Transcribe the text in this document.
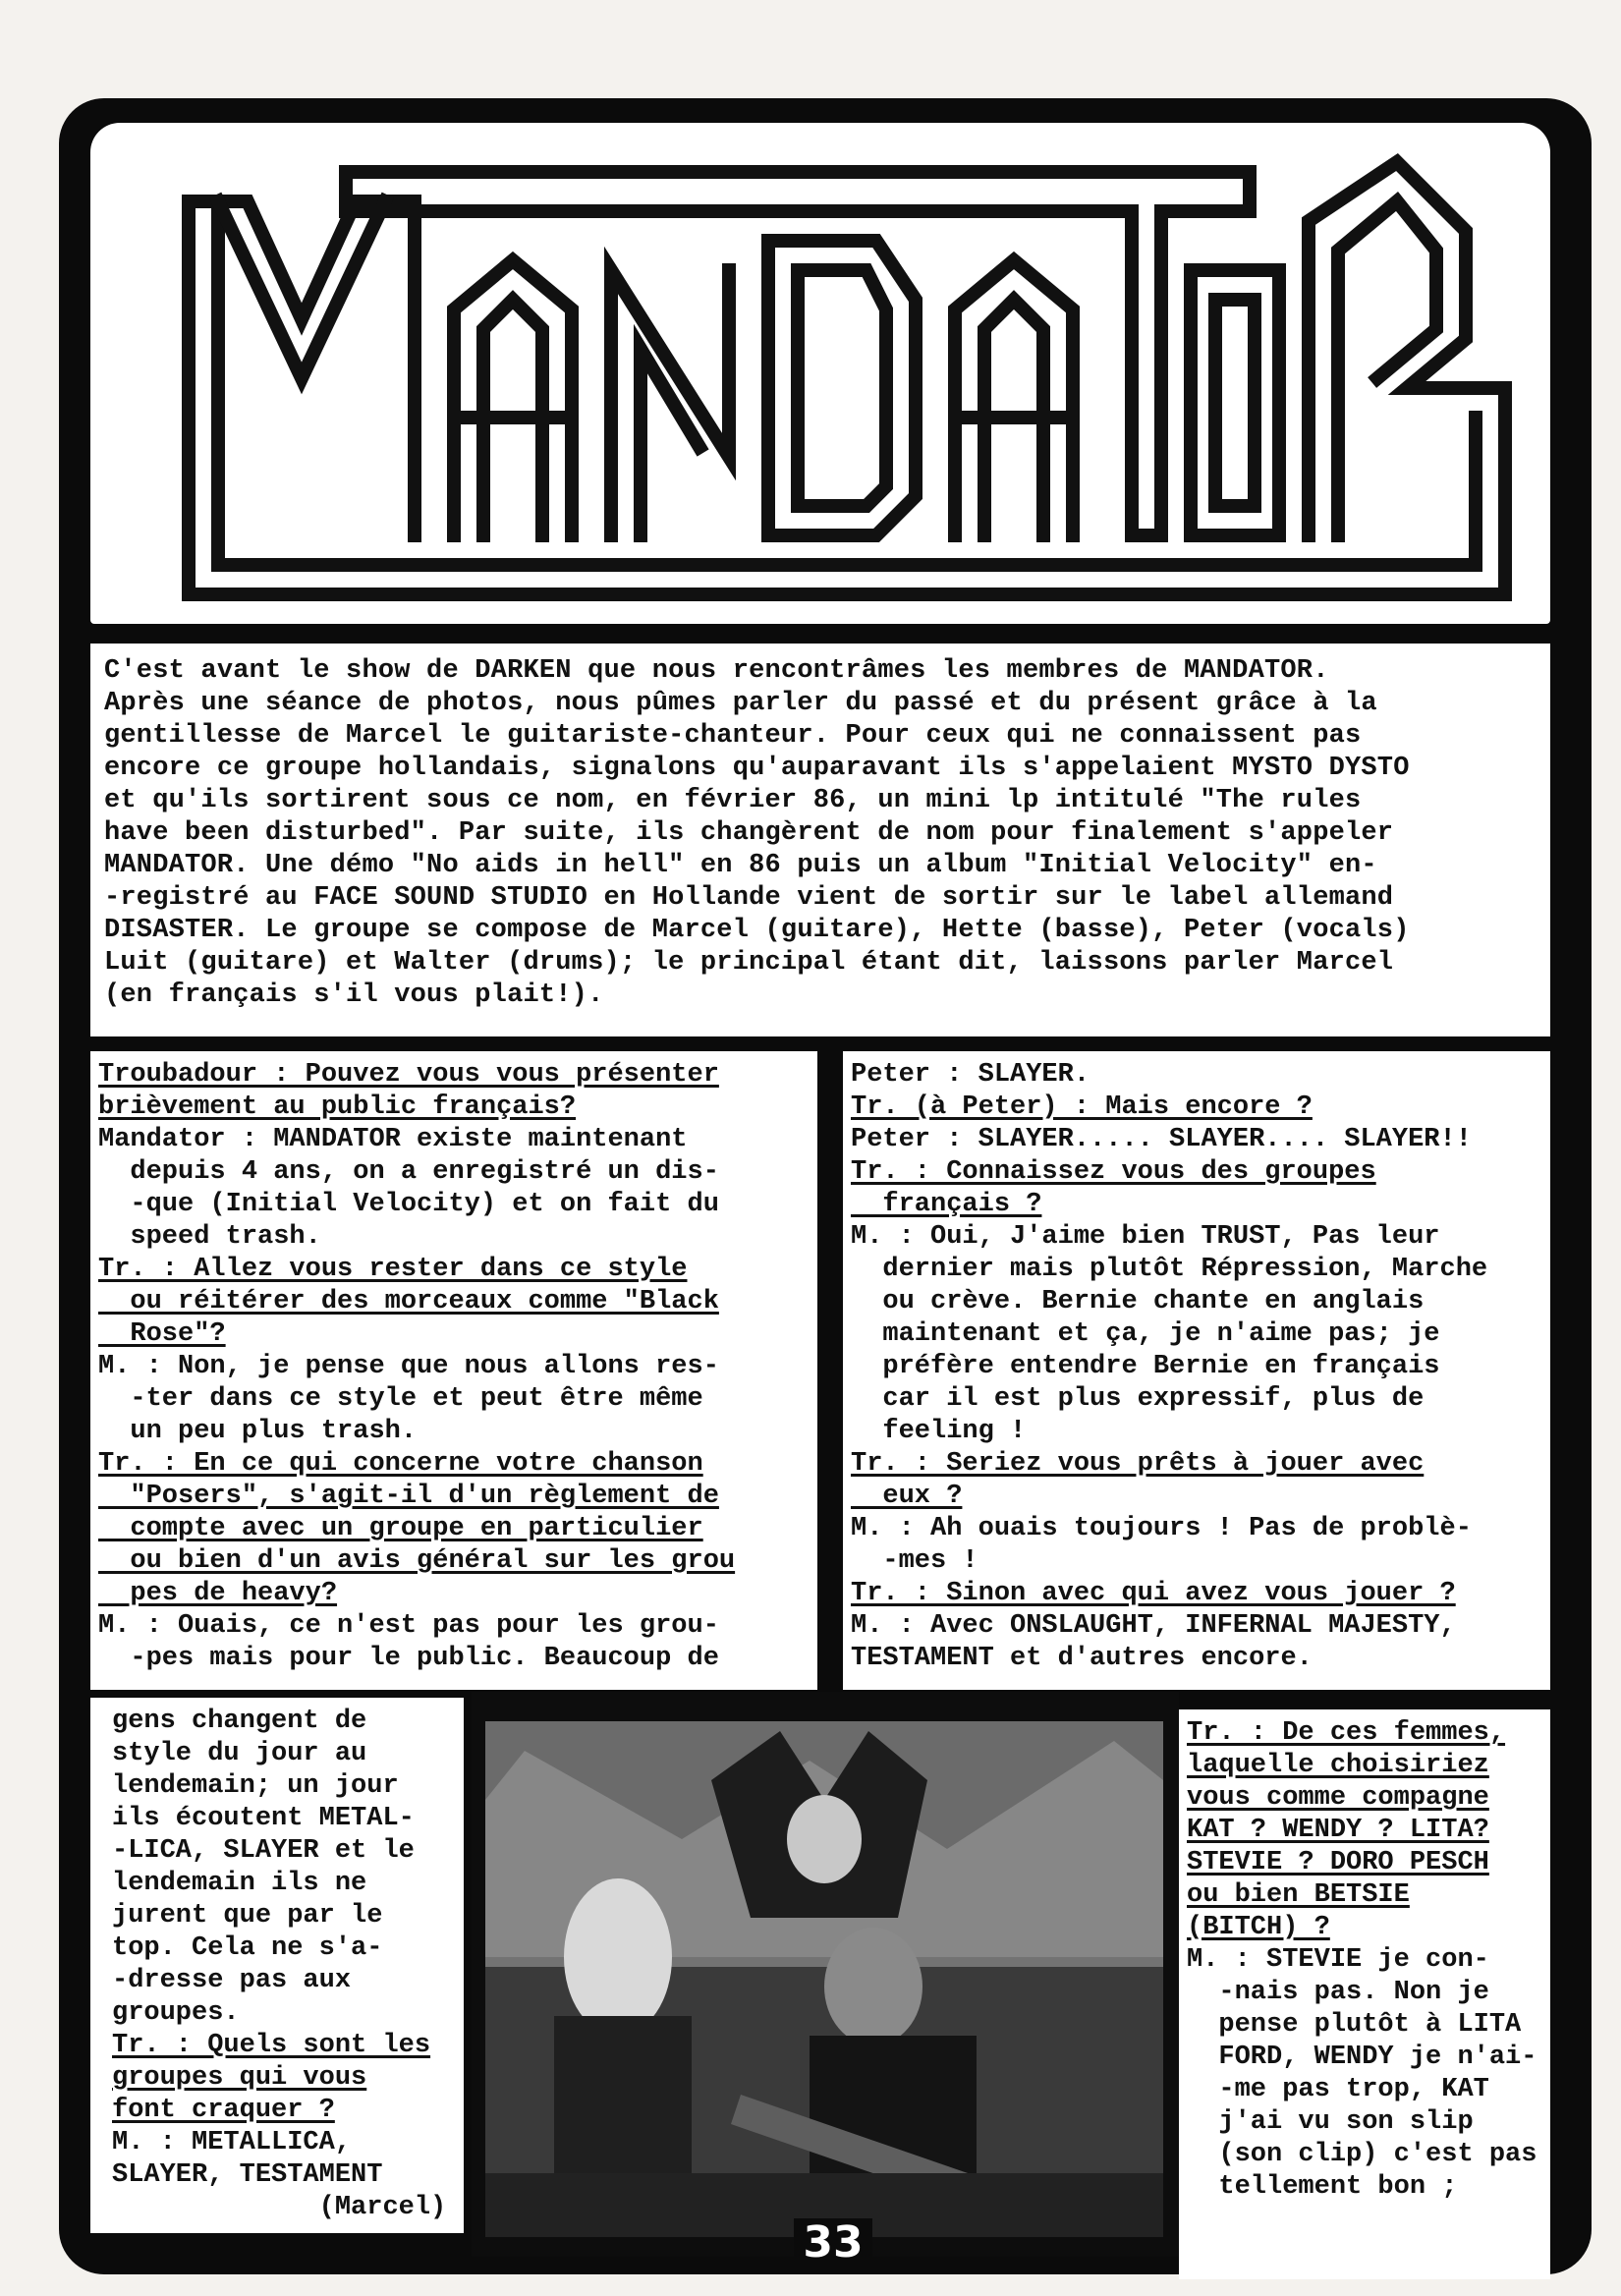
MANDATOR
C'est avant le show de DARKEN que nous rencontrâmes les membres de MANDATOR.
Après une séance de photos, nous pûmes parler du passé et du présent grâce à la
gentillesse de Marcel le guitariste-chanteur. Pour ceux qui ne connaissent pas
encore ce groupe hollandais, signalons qu'auparavant ils s'appelaient MYSTO DYSTO
et qu'ils sortirent sous ce nom, en février 86, un mini lp intitulé "The rules
have been disturbed". Par suite, ils changèrent de nom pour finalement s'appeler
MANDATOR. Une démo "No aids in hell" en 86 puis un album "Initial Velocity" en-
-registré au FACE SOUND STUDIO en Hollande vient de sortir sur le label allemand
DISASTER. Le groupe se compose de Marcel (guitare), Hette (basse), Peter (vocals)
Luit (guitare) et Walter (drums); le principal étant dit, laissons parler Marcel
(en français s'il vous plait!).
Troubadour : Pouvez vous vous présenter
brièvement au public français?
Mandator : MANDATOR existe maintenant
depuis 4 ans, on a enregistré un dis-
-que (Initial Velocity) et on fait du
speed trash.
Tr. : Allez vous rester dans ce style
ou réitérer des morceaux comme "Black
Rose"?
M. : Non, je pense que nous allons res-
-ter dans ce style et peut être même
un peu plus trash.
Tr. : En ce qui concerne votre chanson
"Posers", s'agit-il d'un règlement de
compte avec un groupe en particulier
ou bien d'un avis général sur les grou
pes de heavy?
M. : Ouais, ce n'est pas pour les grou-
-pes mais pour le public. Beaucoup de
Peter : SLAYER.
Tr. (à Peter) : Mais encore ?
Peter : SLAYER..... SLAYER.... SLAYER!!
Tr. : Connaissez vous des groupes
français ?
M. : Oui, J'aime bien TRUST, Pas leur
dernier mais plutôt Répression, Marche
ou crève. Bernie chante en anglais
maintenant et ça, je n'aime pas; je
préfère entendre Bernie en français
car il est plus expressif, plus de
feeling !
Tr. : Seriez vous prêts à jouer avec
eux ?
M. : Ah ouais toujours ! Pas de problè-
-mes !
Tr. : Sinon avec qui avez vous jouer ?
M. : Avec ONSLAUGHT, INFERNAL MAJESTY,
TESTAMENT et d'autres encore.
gens changent de
style du jour au
lendemain; un jour
ils écoutent METAL-
-LICA, SLAYER et le
lendemain ils ne
jurent que par le
top. Cela ne s'a-
-dresse pas aux
groupes.
Tr. : Quels sont les
groupes qui vous
font craquer ?
M. : METALLICA,
SLAYER, TESTAMENT
(Marcel)
Tr. : De ces femmes,
laquelle choisiriez
vous comme compagne
KAT ? WENDY ? LITA?
STEVIE ? DORO PESCH
ou bien BETSIE
(BITCH) ?
M. : STEVIE je con-
-nais pas. Non je
pense plutôt à LITA
FORD, WENDY je n'ai-
-me pas trop, KAT
j'ai vu son slip
(son clip) c'est pas
tellement bon ;
33
